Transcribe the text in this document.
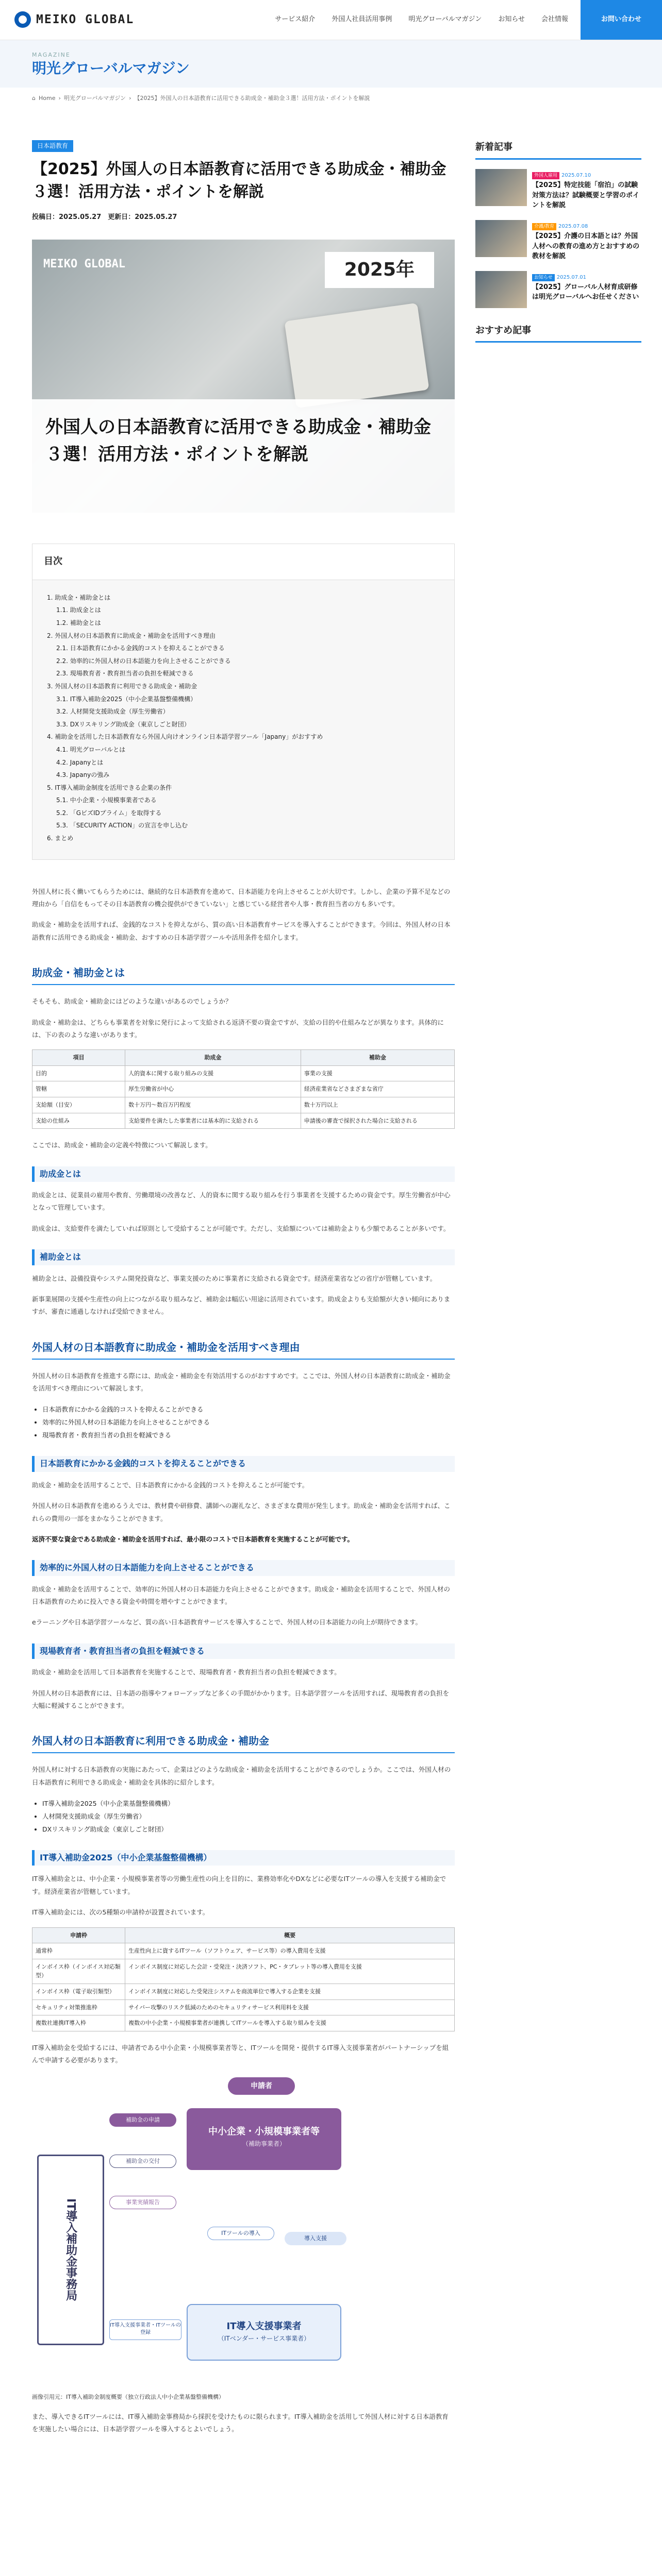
MEIKO GLOBAL	サービス紹介	外国人社員活用事例	明光グローバルマガジン	お知らせ	会社情報	お問い合わせ
MAGAZINE
明光グローバルマガジン
⌂ Home › 明光グローバルマガジン › 【2025】外国人の日本語教育に活用できる助成金・補助金３選！活用方法・ポイントを解説
日本語教育
【2025】外国人の日本語教育に活用できる助成金・補助金３選！活用方法・ポイントを解説
投稿日：2025.05.27　更新日：2025.05.27
MEIKO GLOBAL	2025年
外国人の日本語教育に活用できる助成金・補助金３選！活用方法・ポイントを解説
目次
1. 助成金・補助金とは
1.1. 助成金とは
1.2. 補助金とは
2. 外国人材の日本語教育に助成金・補助金を活用すべき理由
2.1. 日本語教育にかかる金銭的コストを抑えることができる
2.2. 効率的に外国人材の日本語能力を向上させることができる
2.3. 現場教育者・教育担当者の負担を軽減できる
3. 外国人材の日本語教育に利用できる助成金・補助金
3.1. IT導入補助金2025（中小企業基盤整備機構）
3.2. 人材開発支援助成金（厚生労働省）
3.3. DXリスキリング助成金（東京しごと財団）
4. 補助金を活用した日本語教育なら外国人向けオンライン日本語学習ツール「Japany」がおすすめ
4.1. 明光グローバルとは
4.2. Japanyとは
4.3. Japanyの強み
5. IT導入補助金制度を活用できる企業の条件
5.1. 中小企業・小規模事業者である
5.2. 「GビズIDプライム」を取得する
5.3. 「SECURITY ACTION」の宣言を申し込む
6. まとめ

外国人材に長く働いてもらうためには、継続的な日本語教育を進めて、日本語能力を向上させることが大切です。しかし、企業の予算不足などの理由から「自信をもってその日本語教育の機会提供ができていない」と感じている経営者や人事・教育担当者の方も多いです。

助成金・補助金を活用すれば、金銭的なコストを抑えながら、質の高い日本語教育サービスを導入することができます。今回は、外国人材の日本語教育に活用できる助成金・補助金、おすすめの日本語学習ツールや活用条件を紹介します。

助成金・補助金とは

そもそも、助成金・補助金にはどのような違いがあるのでしょうか？

助成金・補助金は、どちらも事業者を対象に発行によって支給される返済不要の資金ですが、支給の目的や仕組みなどが異なります。具体的には、下の表のような違いがあります。

項目	助成金	補助金
目的	人的資本に関する取り組みの支援	事業の支援
管轄	厚生労働省が中心	経済産業省などさまざまな省庁
支給額（目安）	数十万円〜数百万円程度	数十万円以上
支給の仕組み	支給要件を満たした事業者には基本的に支給される	申請後の審査で採択された場合に支給される

ここでは、助成金・補助金の定義や特徴について解説します。

助成金とは

助成金とは、従業員の雇用や教育、労働環境の改善など、人的資本に関する取り組みを行う事業者を支援するための資金です。厚生労働省が中心となって管理しています。

助成金は、支給要件を満たしていれば原則として受給することが可能です。ただし、支給額については補助金よりも少額であることが多いです。

補助金とは

補助金とは、設備投資やシステム開発投資など、事業支援のために事業者に支給される資金です。経済産業省などの省庁が管轄しています。

新事業展開の支援や生産性の向上につながる取り組みなど、補助金は幅広い用途に活用されています。助成金よりも支給額が大きい傾向にありますが、審査に通過しなければ受給できません。

外国人材の日本語教育に助成金・補助金を活用すべき理由

外国人材の日本語教育を推進する際には、助成金・補助金を有効活用するのがおすすめです。ここでは、外国人材の日本語教育に助成金・補助金を活用すべき理由について解説します。

• 日本語教育にかかる金銭的コストを抑えることができる
• 効率的に外国人材の日本語能力を向上させることができる
• 現場教育者・教育担当者の負担を軽減できる
日本語教育にかかる金銭的コストを抑えることができる

助成金・補助金を活用することで、日本語教育にかかる金銭的コストを抑えることが可能です。

外国人材の日本語教育を進めるうえでは、教材費や研修費、講師への謝礼など、さまざまな費用が発生します。助成金・補助金を活用すれば、これらの費用の一部をまかなうことができます。

返済不要な資金である助成金・補助金を活用すれば、最小限のコストで日本語教育を実施することが可能です。

効率的に外国人材の日本語能力を向上させることができる

助成金・補助金を活用することで、効率的に外国人材の日本語能力を向上させることができます。助成金・補助金を活用することで、外国人材の日本語教育のために投入できる資金や時間を増やすことができます。

eラーニングや日本語学習ツールなど、質の高い日本語教育サービスを導入することで、外国人材の日本語能力の向上が期待できます。

現場教育者・教育担当者の負担を軽減できる

助成金・補助金を活用して日本語教育を実施することで、現場教育者・教育担当者の負担を軽減できます。

外国人材の日本語教育には、日本語の指導やフォローアップなど多くの手間がかかります。日本語学習ツールを活用すれば、現場教育者の負担を大幅に軽減することができます。

外国人材の日本語教育に利用できる助成金・補助金

外国人材に対する日本語教育の実施にあたって、企業はどのような助成金・補助金を活用することができるのでしょうか。ここでは、外国人材の日本語教育に利用できる助成金・補助金を具体的に紹介します。

• IT導入補助金2025（中小企業基盤整備機構）
• 人材開発支援助成金（厚生労働省）
• DXリスキリング助成金（東京しごと財団）
IT導入補助金2025（中小企業基盤整備機構）

IT導入補助金とは、中小企業・小規模事業者等の労働生産性の向上を目的に、業務効率化やDXなどに必要なITツールの導入を支援する補助金です。経済産業省が管轄しています。

IT導入補助金には、次の5種類の申請枠が設置されています。

申請枠	概要
通常枠	生産性向上に資するITツール（ソフトウェア、サービス等）の導入費用を支援
インボイス枠（インボイス対応類型）	インボイス制度に対応した会計・受発注・決済ソフト、PC・タブレット等の導入費用を支援
インボイス枠（電子取引類型）	インボイス制度に対応した受発注システムを商流単位で導入する企業を支援
セキュリティ対策推進枠	サイバー攻撃のリスク低減のためのセキュリティサービス利用料を支援
複数社連携IT導入枠	複数の中小企業・小規模事業者が連携してITツールを導入する取り組みを支援

IT導入補助金を受給するには、申請者である中小企業・小規模事業者等と、ITツールを開発・提供するIT導入支援事業者がパートナーシップを組んで申請する必要があります。

IT導入補助金事務局
申請者
中小企業・小規模事業者等
（補助事業者）
IT導入支援事業者
（ITベンダー・サービス事業者）
補助金の申請
補助金の交付
ITツールの導入
導入支援
事業実績報告
IT導入支援事業者・ITツールの登録

画像引用元：IT導入補助金制度概要（独立行政法人中小企業基盤整備機構）

また、導入できるITツールには、IT導入補助金事務局から採択を受けたものに限られます。IT導入補助金を活用して外国人材に対する日本語教育を実施したい場合には、日本語学習ツールを導入するとよいでしょう。

新着記事
外国人雇用 2025.07.10
【2025】特定技能「宿泊」の試験対策方法は？試験概要と学習のポイントを解説
介護/教育 2025.07.08
【2025】介護の日本語とは？外国人材への教育の進め方とおすすめの教材を解説
お知らせ 2025.07.01
【2025】グローバル人材育成研修は明光グローバルへお任せください
おすすめ記事
